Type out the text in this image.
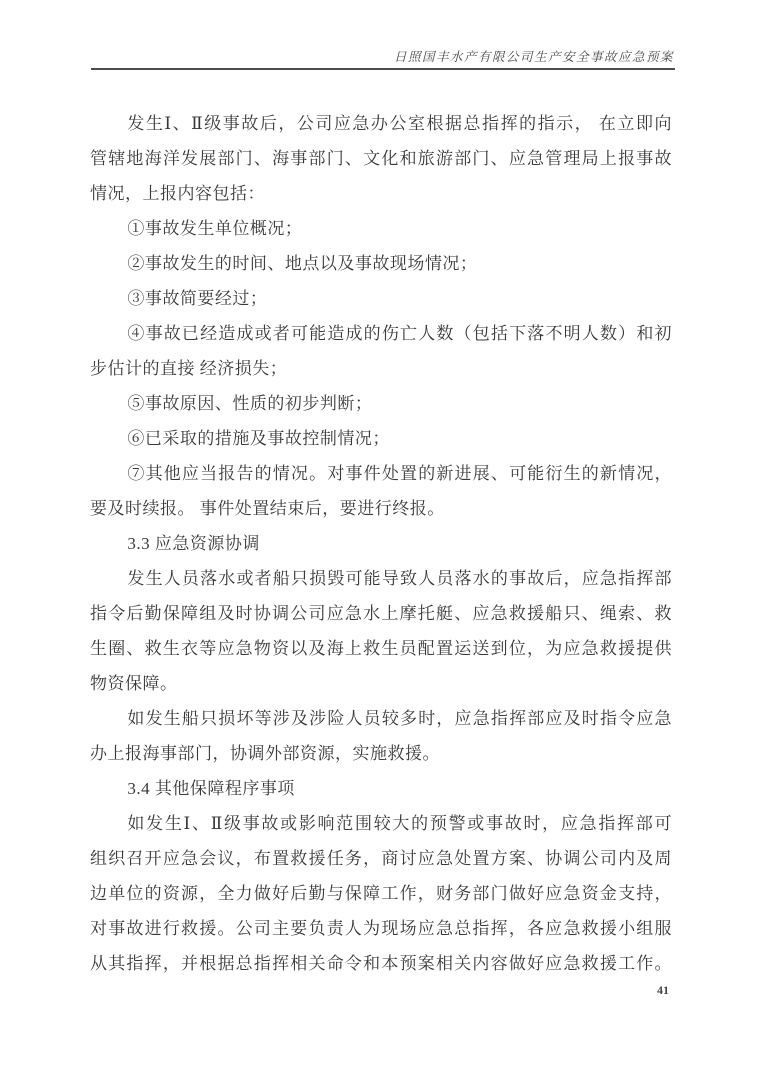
日照国丰水产有限公司生产安全事故应急预案
发生Ⅰ、Ⅱ级事故后，公司应急办公室根据总指挥的指示， 在立即向
管辖地海洋发展部门、海事部门、文化和旅游部门、应急管理局上报事故
情况，上报内容包括：
①事故发生单位概况；
②事故发生的时间、地点以及事故现场情况；
③事故简要经过；
④事故已经造成或者可能造成的伤亡人数（包括下落不明人数）和初
步估计的直接 经济损失；
⑤事故原因、性质的初步判断；
⑥已采取的措施及事故控制情况；
⑦其他应当报告的情况。对事件处置的新进展、可能衍生的新情况，
要及时续报。 事件处置结束后，要进行终报。
3.3 应急资源协调
发生人员落水或者船只损毁可能导致人员落水的事故后，应急指挥部
指令后勤保障组及时协调公司应急水上摩托艇、应急救援船只、绳索、救
生圈、救生衣等应急物资以及海上救生员配置运送到位，为应急救援提供
物资保障。
如发生船只损坏等涉及涉险人员较多时，应急指挥部应及时指令应急
办上报海事部门，协调外部资源，实施救援。
3.4 其他保障程序事项
如发生Ⅰ、Ⅱ级事故或影响范围较大的预警或事故时，应急指挥部可
组织召开应急会议，布置救援任务，商讨应急处置方案、协调公司内及周
边单位的资源，全力做好后勤与保障工作，财务部门做好应急资金支持，
对事故进行救援。公司主要负责人为现场应急总指挥，各应急救援小组服
从其指挥，并根据总指挥相关命令和本预案相关内容做好应急救援工作。
41
